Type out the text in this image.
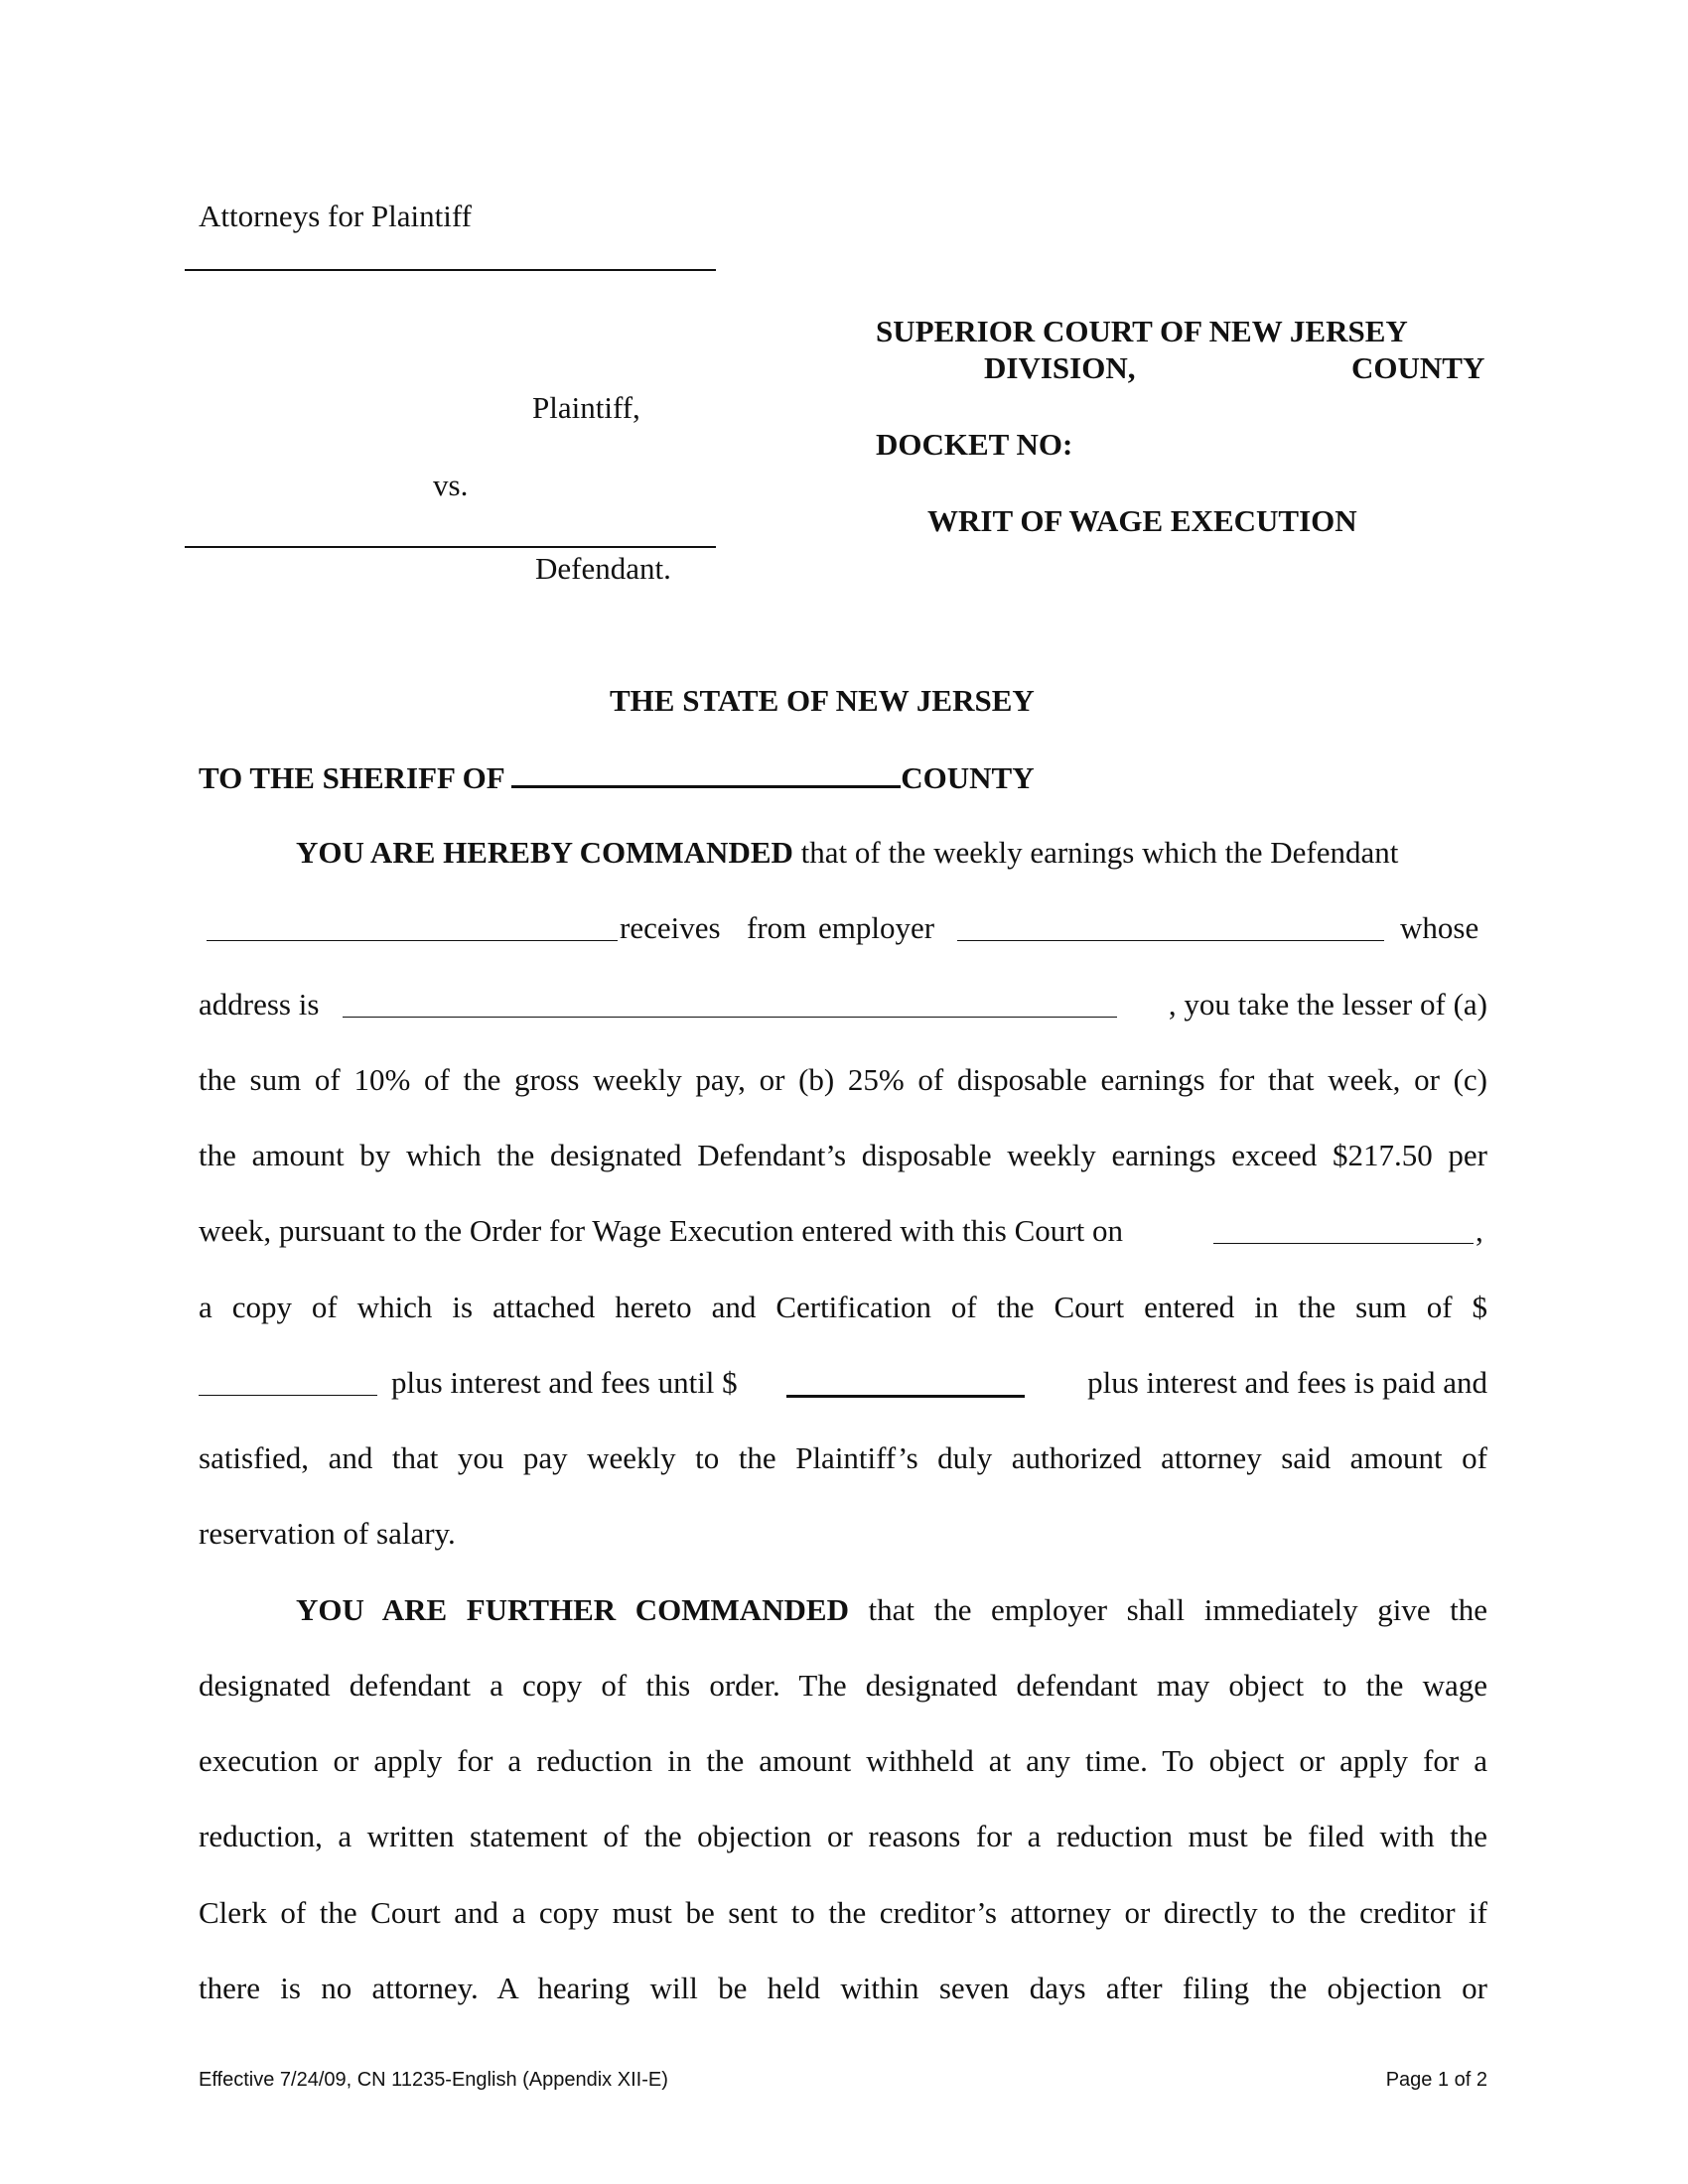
Attorneys for Plaintiff
Plaintiff,
vs.
Defendant.
SUPERIOR COURT OF NEW JERSEY
DIVISION,	COUNTY
DOCKET NO:
WRIT OF WAGE EXECUTION
THE STATE OF NEW JERSEY
TO THE SHERIFF OF	COUNTY
YOU ARE HEREBY COMMANDED that of the weekly earnings which the Defendant
receives from employer	whose
address is	, you take the lesser of (a)
the sum of 10% of the gross weekly pay, or (b) 25% of disposable earnings for that week, or (c)
the amount by which the designated Defendant’s disposable weekly earnings exceed $217.50 per
week, pursuant to the Order for Wage Execution entered with this Court on	,
a copy of which is attached hereto and Certification of the Court entered in the sum of $
plus interest and fees until $	plus interest and fees is paid and
satisfied, and that you pay weekly to the Plaintiff’s duly authorized attorney said amount of
reservation of salary.
YOU ARE FURTHER COMMANDED that the employer shall immediately give the
designated defendant a copy of this order. The designated defendant may object to the wage
execution or apply for a reduction in the amount withheld at any time. To object or apply for a
reduction, a written statement of the objection or reasons for a reduction must be filed with the
Clerk of the Court and a copy must be sent to the creditor’s attorney or directly to the creditor if
there is no attorney. A hearing will be held within seven days after filing the objection or
Effective 7/24/09, CN 11235-English (Appendix XII-E)	Page 1 of 2
